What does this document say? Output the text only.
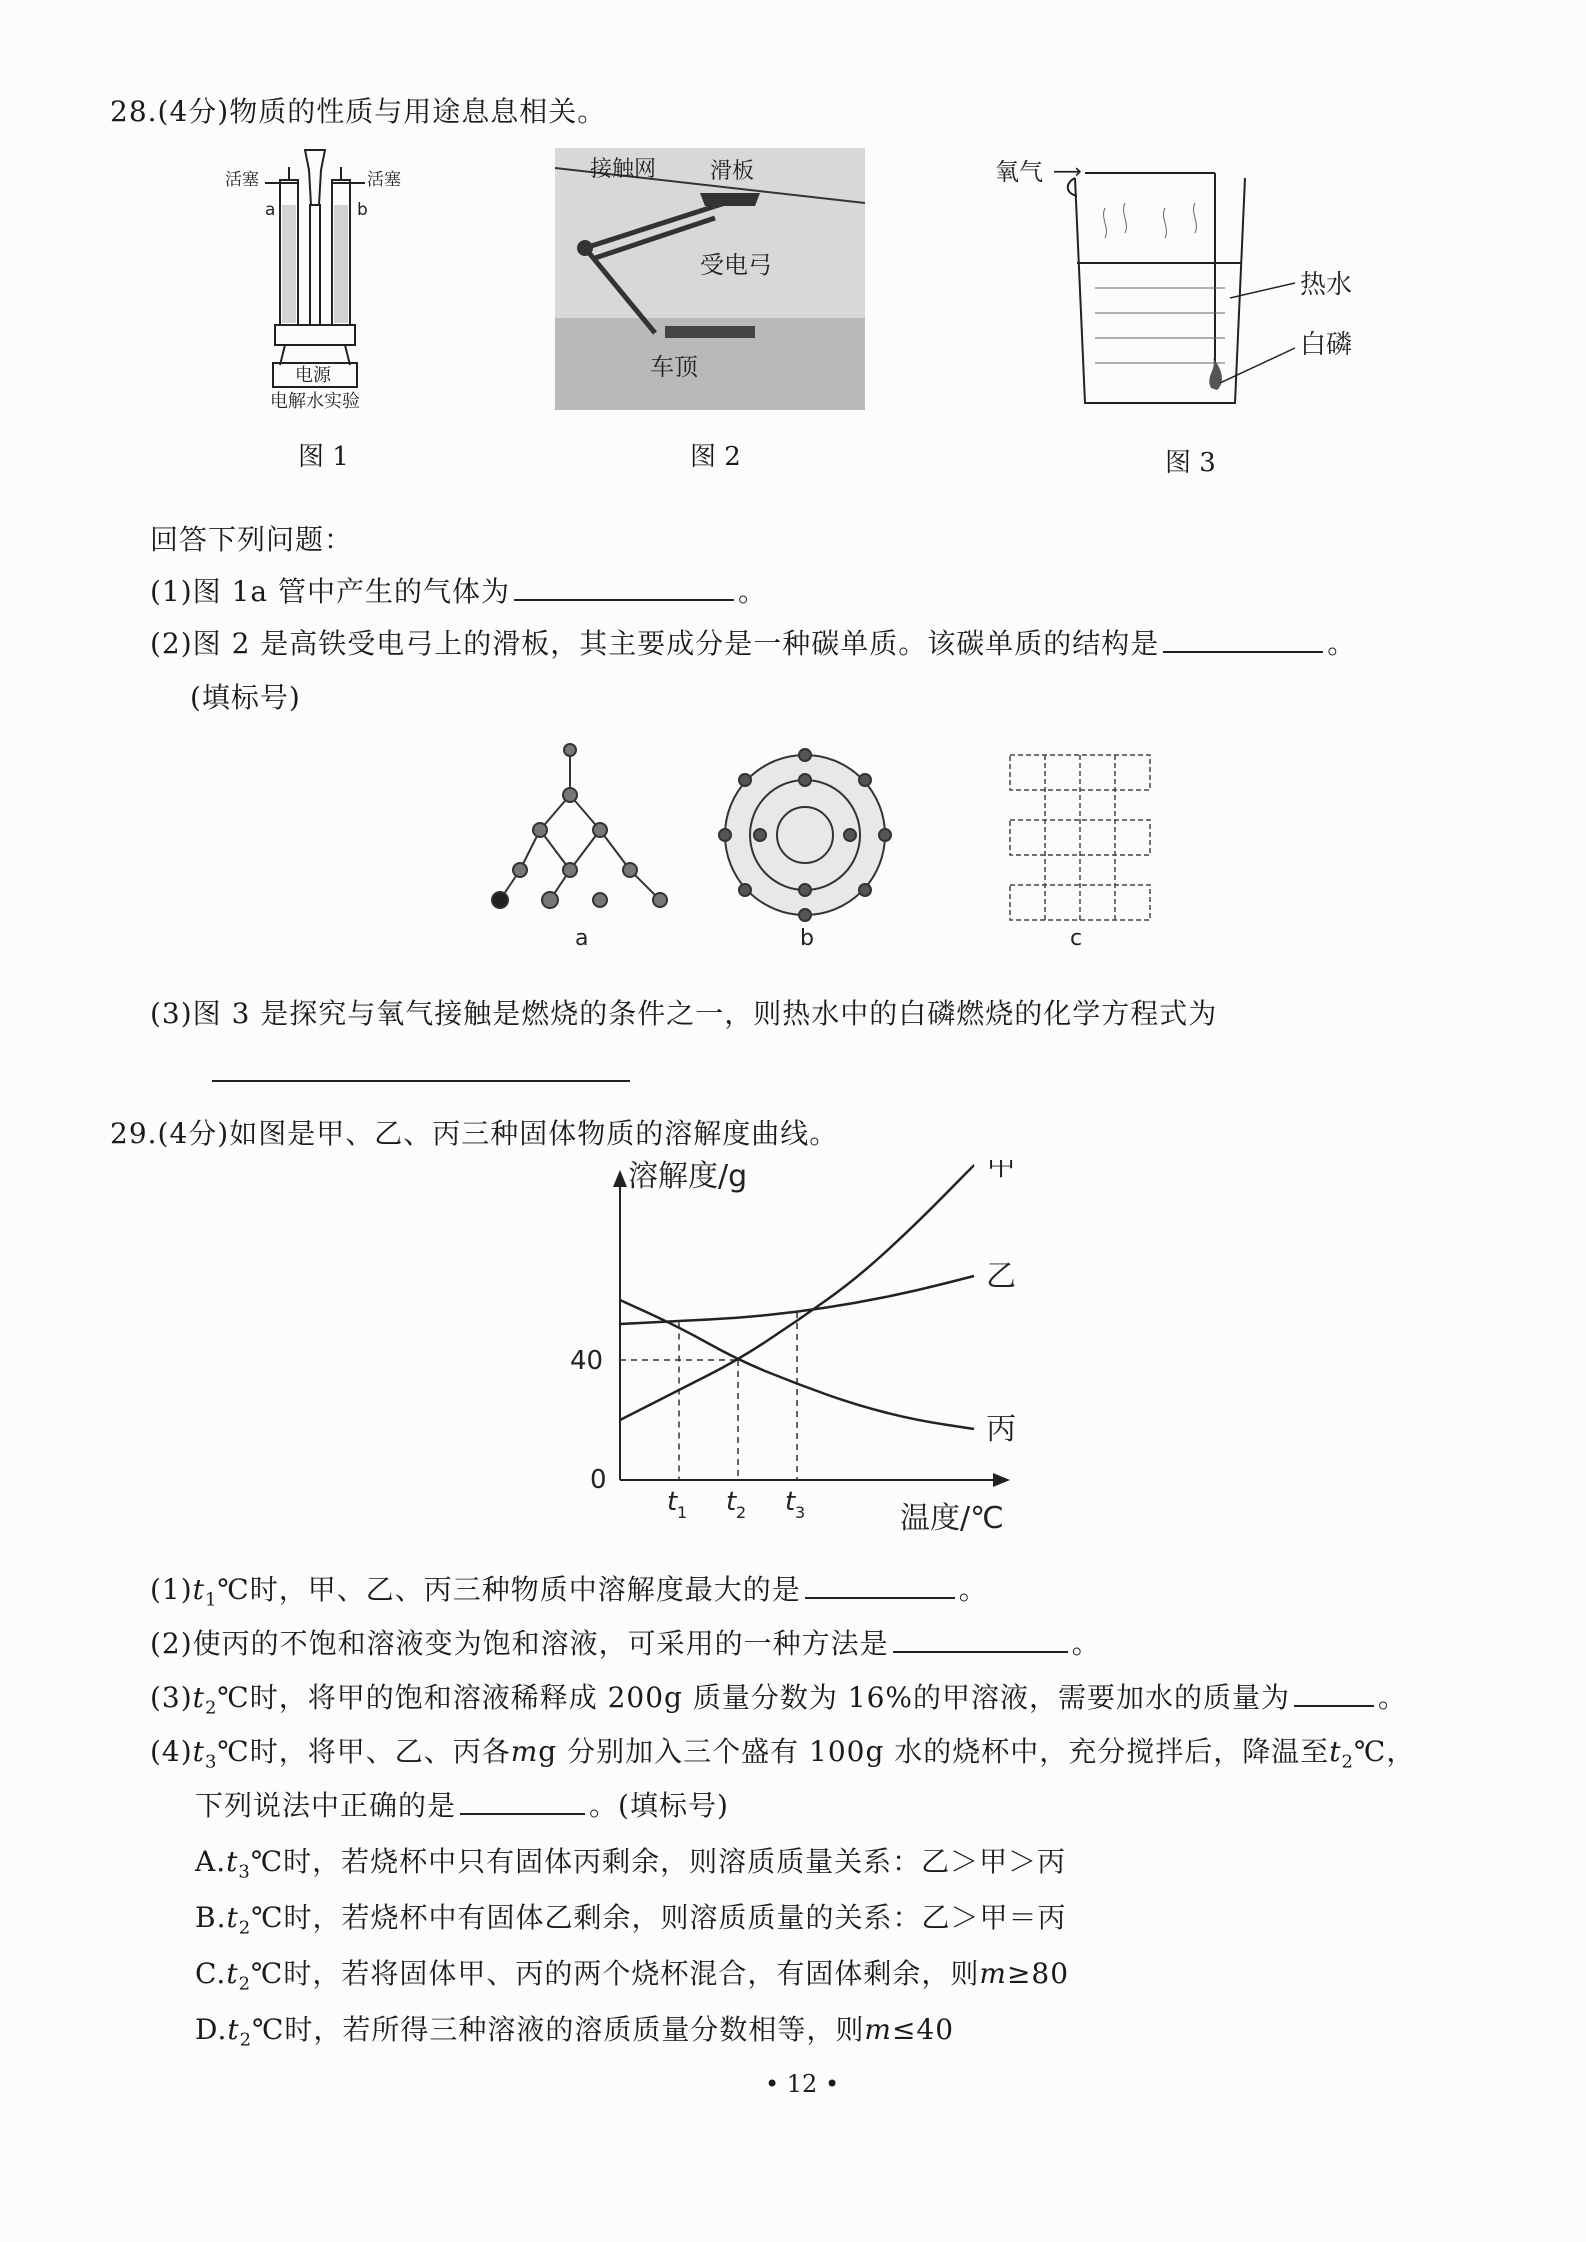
28.(4分)物质的性质与用途息息相关。
活塞	活塞
a	b
电源
电解水实验
图 1
接触网 滑板
受电弓
车顶
图 2
氧气 ⟶
热水
白磷
图 3
回答下列问题：
(1)图 1a 管中产生的气体为	。
(2)图 2 是高铁受电弓上的滑板，其主要成分是一种碳单质。该碳单质的结构是	。
(填标号)
a	b	c
(3)图 3 是探究与氧气接触是燃烧的条件之一，则热水中的白磷燃烧的化学方程式为
29.(4分)如图是甲、乙、丙三种固体物质的溶解度曲线。
溶解度/g
温度/℃
0
40
t 1 t 2 t 3
甲
乙
丙
$(1)t_1℃$时，甲、乙、丙三种物质中溶解度最大的是	。
(2)使丙的不饱和溶液变为饱和溶液，可采用的一种方法是	。
$(3)t_2℃$时，将甲的饱和溶液稀释成 200g 质量分数为 16%的甲溶液，需要加水的质量为	。
$(4)t_3℃$时，将甲、乙、丙各mg 分别加入三个盛有 100g 水的烧杯中，充分搅拌后，降温至$t_2℃$，
下列说法中正确的是	。(填标号)
$A.t_3℃$时，若烧杯中只有固体丙剩余，则溶质质量关系：乙＞甲＞丙
$B.t_2℃$时，若烧杯中有固体乙剩余，则溶质质量的关系：乙＞甲＝丙
$C.t_2℃$时，若将固体甲、丙的两个烧杯混合，有固体剩余，则m≥80
$D.t_2℃$时，若所得三种溶液的溶质质量分数相等，则m≤40
• 12 •
